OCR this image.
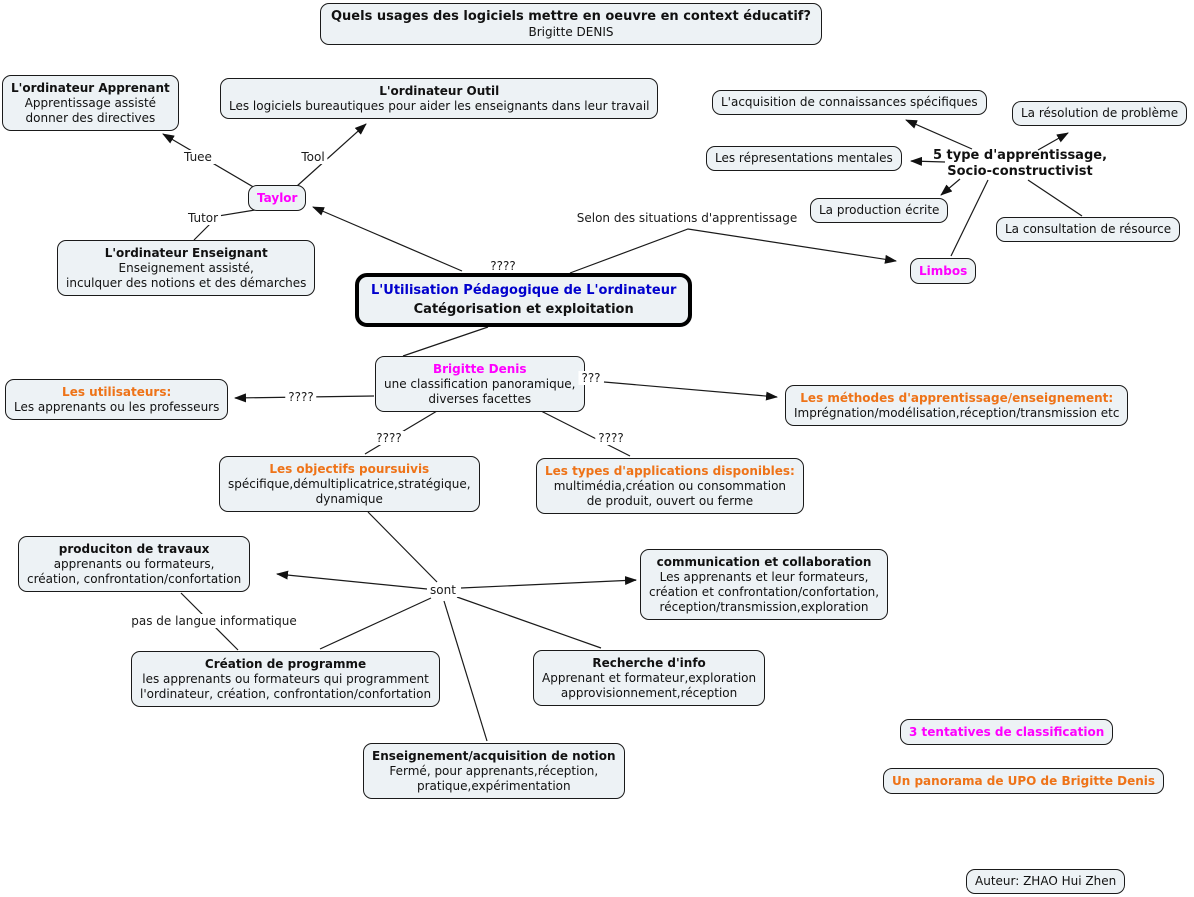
Quels usages des logiciels mettre en oeuvre en context éducatif?
Brigitte DENIS
L'ordinateur Apprenant
Apprentissage assisté
donner des directives
L'ordinateur Outil
Les logiciels bureautiques pour aider les enseignants dans leur travail
Taylor
L'ordinateur Enseignant
Enseignement assisté,
inculquer des notions et des démarches
L'acquisition de connaissances spécifiques
La résolution de problème
Les répresentations mentales	5 type d'apprentissage,
Socio-constructivist
La production écrite
La consultation de résource
Limbos
L'Utilisation Pédagogique de L'ordinateur
Catégorisation et exploitation
Brigitte Denis
une classification panoramique,
diverses facettes
Les utilisateurs:
Les apprenants ou les professeurs
Les méthodes d'apprentissage/enseignement:
Imprégnation/modélisation,réception/transmission etc
Les objectifs poursuivis
spécifique,démultiplicatrice,stratégique,
dynamique
Les types d'applications disponibles:
multimédia,création ou consommation
de produit, ouvert ou ferme
produciton de travaux
apprenants ou formateurs,
création, confrontation/confortation
communication et collaboration
Les apprenants et leur formateurs,
création et confrontation/confortation,
réception/transmission,exploration
Création de programme
les apprenants ou formateurs qui programment
l'ordinateur, création, confrontation/confortation
Recherche d'info
Apprenant et formateur,exploration
approvisionnement,réception
Enseignement/acquisition de notion
Fermé, pour apprenants,réception,
pratique,expérimentation
3 tentatives de classification
Un panorama de UPO de Brigitte Denis
Auteur: ZHAO Hui Zhen
Tuee	Tool
Tutor	Selon des situations d'apprentissage
????
????
???
????	????
sont
pas de langue informatique
